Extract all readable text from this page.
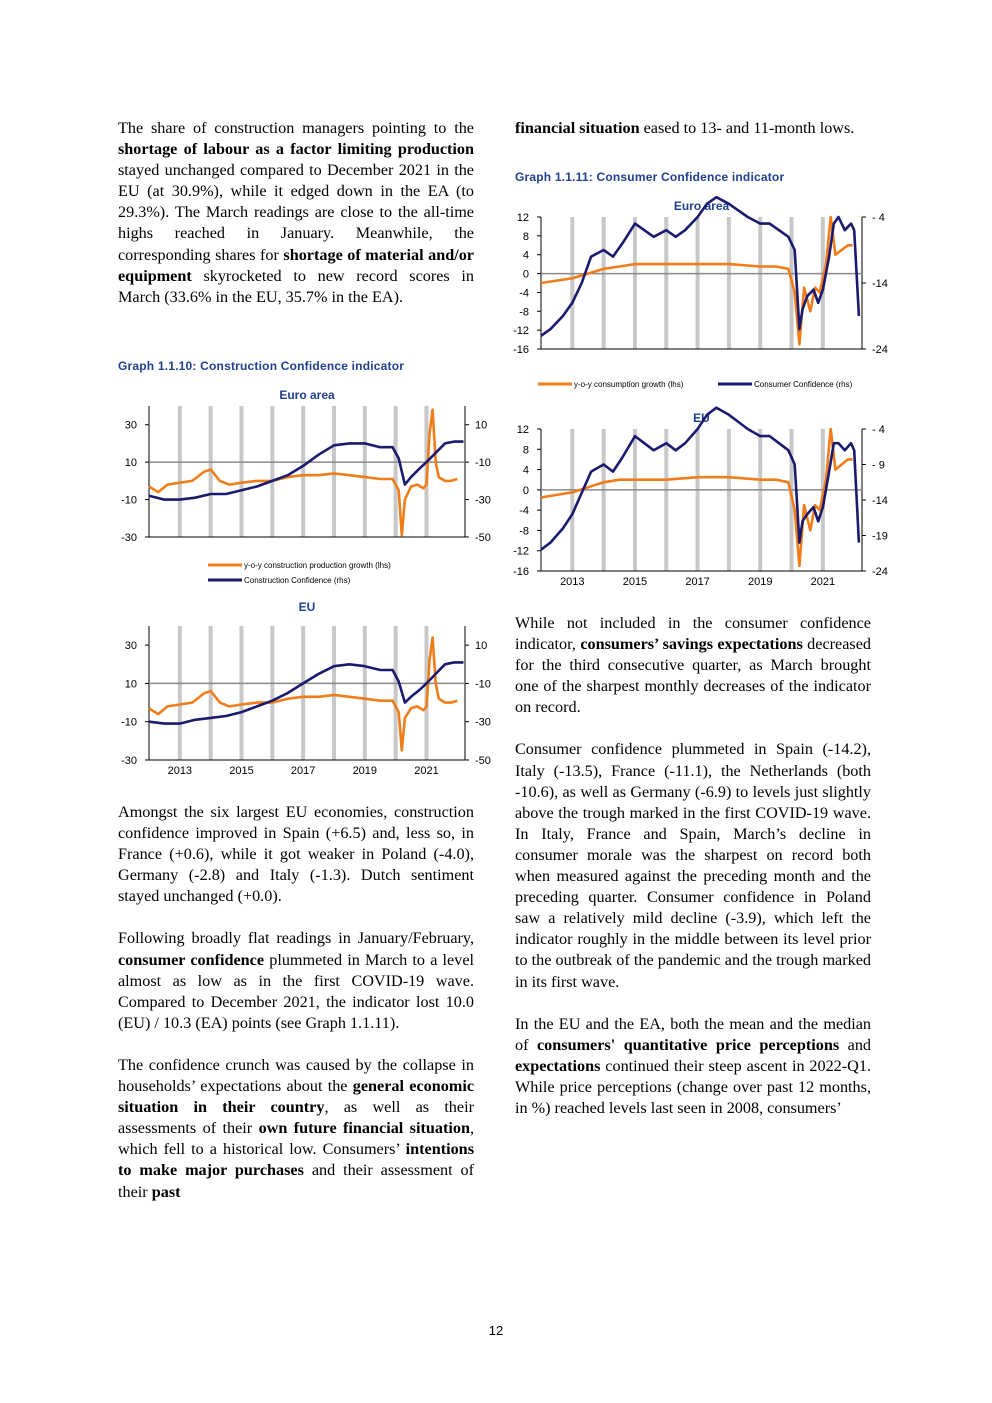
The share of construction managers pointing to the shortage of labour as a factor limiting production stayed unchanged compared to December 2021 in the EU (at 30.9%), while it edged down in the EA (to 29.3%). The March readings are close to the all-time highs reached in January. Meanwhile, the corresponding shares for shortage of material and/or equipment skyrocketed to new record scores in March (33.6% in the EU, 35.7% in the EA).

Graph 1.1.10: Construction Confidence indicator
Euro area
30
10
-10
-30
10
-10
-30
-50
y-o-y construction production growth (lhs)
Construction Confidence (rhs)
EU
30
10
-10
-30
10
-10
-30
-50
2013	2015	2017	2019	2021

Amongst the six largest EU economies, construction confidence improved in Spain (+6.5) and, less so, in France (+0.6), while it got weaker in Poland (-4.0), Germany (-2.8) and Italy (-1.3). Dutch sentiment stayed unchanged (+0.0).

Following broadly flat readings in January/February, consumer confidence plummeted in March to a level almost as low as in the first COVID-19 wave. Compared to December 2021, the indicator lost 10.0 (EU) / 10.3 (EA) points (see Graph 1.1.11).

The confidence crunch was caused by the collapse in households’ expectations about the general economic situation in their country, as well as their assessments of their own future financial situation, which fell to a historical low. Consumers’ intentions to make major purchases and their assessment of their past

financial situation eased to 13- and 11-month lows.

Graph 1.1.11: Consumer Confidence indicator
Euro area
12
8
4
0
-4
-8
-12
-16
- 4
-14
-24
y-o-y consumption growth (lhs)	Consumer Confidence (rhs)
EU
12
8
4
0
-4
-8
-12
-16
- 4
- 9
-14
-19
-24
2013	2015	2017	2019	2021

While not included in the consumer confidence indicator, consumers’ savings expectations decreased for the third consecutive quarter, as March brought one of the sharpest monthly decreases of the indicator on record.

Consumer confidence plummeted in Spain (-14.2), Italy (-13.5), France (-11.1), the Netherlands (both -10.6), as well as Germany (-6.9) to levels just slightly above the trough marked in the first COVID-19 wave. In Italy, France and Spain, March’s decline in consumer morale was the sharpest on record both when measured against the preceding month and the preceding quarter. Consumer confidence in Poland saw a relatively mild decline (-3.9), which left the indicator roughly in the middle between its level prior to the outbreak of the pandemic and the trough marked in its first wave.

In the EU and the EA, both the mean and the median of consumers' quantitative price perceptions and expectations continued their steep ascent in 2022-Q1. While price perceptions (change over past 12 months, in %) reached levels last seen in 2008, consumers’

12
